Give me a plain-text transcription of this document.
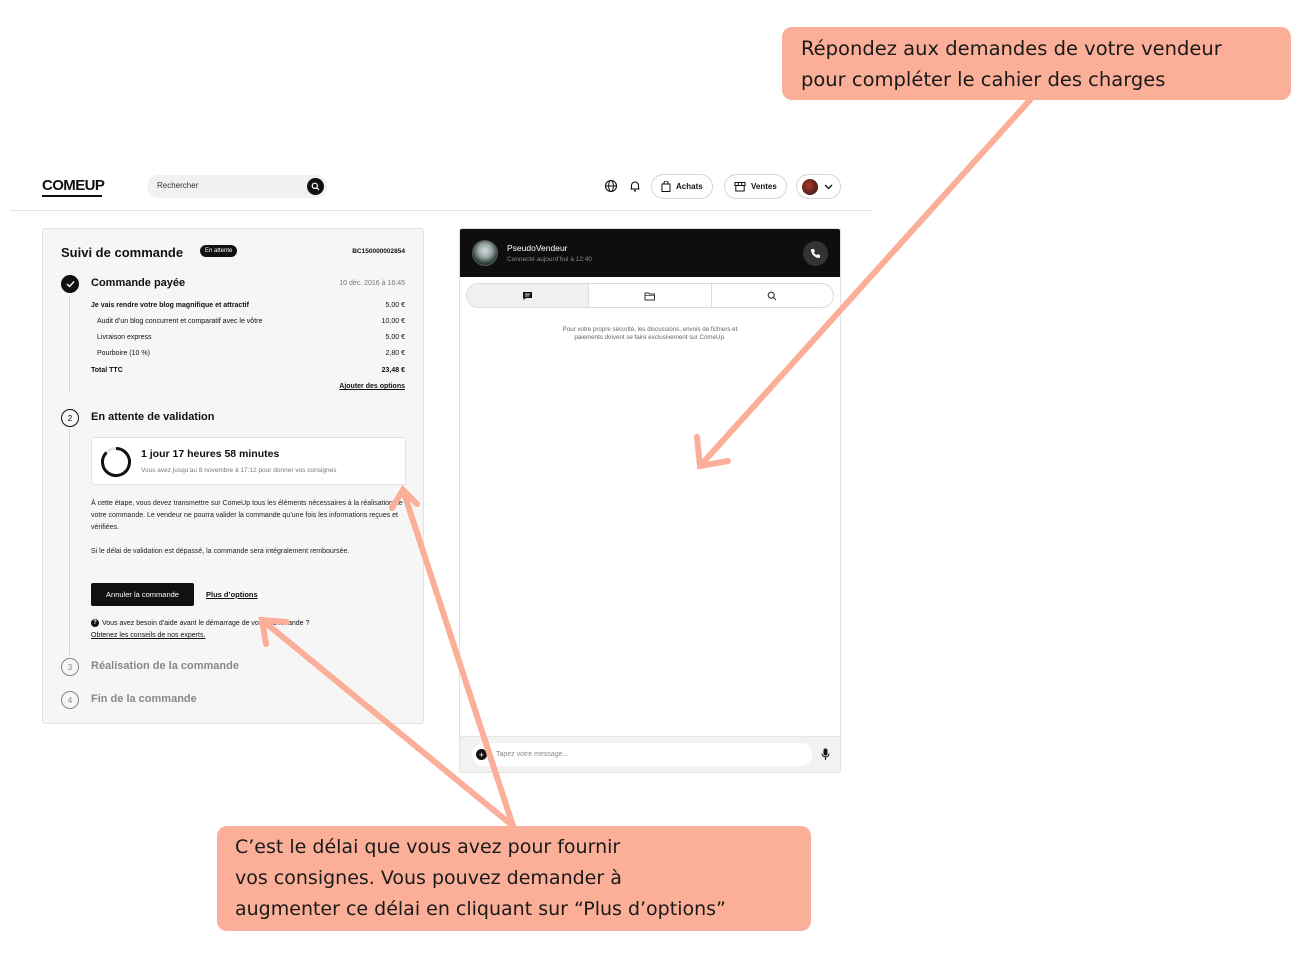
COMEUP	Rechercher	Achats	Ventes
Suivi de commande	En attente	BC150000002854
Commande payée	10 déc. 2016 à 16:45
Je vais rendre votre blog magnifique et attractif	5,00 €
Audit d’un blog concurrent et comparatif avec le vôtre	10,00 €
Livraison express	5,00 €
Pourboire (10 %)	2,80 €
Total TTC	23,48 €
Ajouter des options
2	En attente de validation
1 jour 17 heures 58 minutes
Vous avez jusqu’au 8 novembre à 17:12 pour donner vos consignes
À cette étape, vous devez transmettre sur ComeUp tous les éléments nécessaires à la réalisation de votre commande. Le vendeur ne pourra valider la commande qu’une fois les informations reçues et vérifiées.
Si le délai de validation est dépassé, la commande sera intégralement remboursée.
Annuler la commande	Plus d’options
? Vous avez besoin d’aide avant le démarrage de votre commande ?
Obtenez les conseils de nos experts.
3	Réalisation de la commande
4	Fin de la commande
PseudoVendeur
Connecté aujourd’hui à 12:40
Pour votre propre sécurité, les discussions, envois de fichiers et paiements doivent se faire exclusivement sur ComeUp.
+	Tapez votre message...
Répondez aux demandes de votre vendeur
pour compléter le cahier des charges
C’est le délai que vous avez pour fournir
vos consignes. Vous pouvez demander à
augmenter ce délai en cliquant sur “Plus d’options”
